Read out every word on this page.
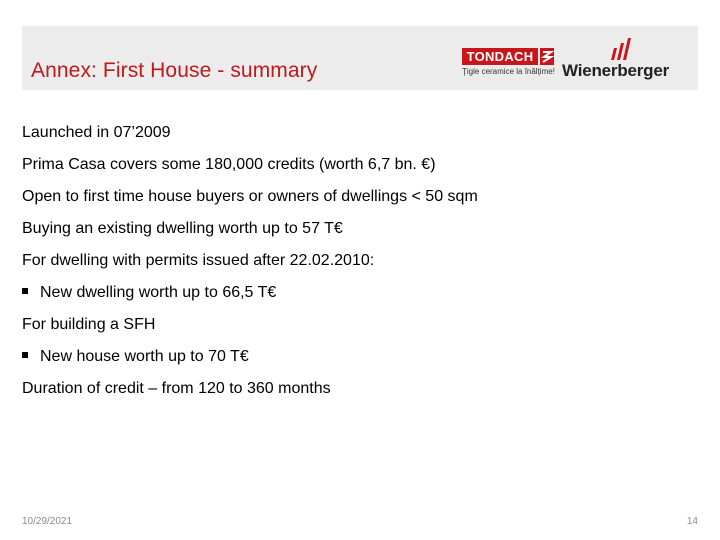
Annex: First House - summary
TONDACH
Ţigle ceramice la înălţime! Wienerberger
Launched in 07’2009
Prima Casa covers some 180,000 credits (worth 6,7 bn. €)
Open to first time house buyers or owners of dwellings < 50 sqm
Buying an existing dwelling worth up to 57 T€
For dwelling with permits issued after 22.02.2010:
New dwelling worth up to 66,5 T€
For building a SFH
New house worth up to 70 T€
Duration of credit – from 120 to 360 months
10/29/2021	14
